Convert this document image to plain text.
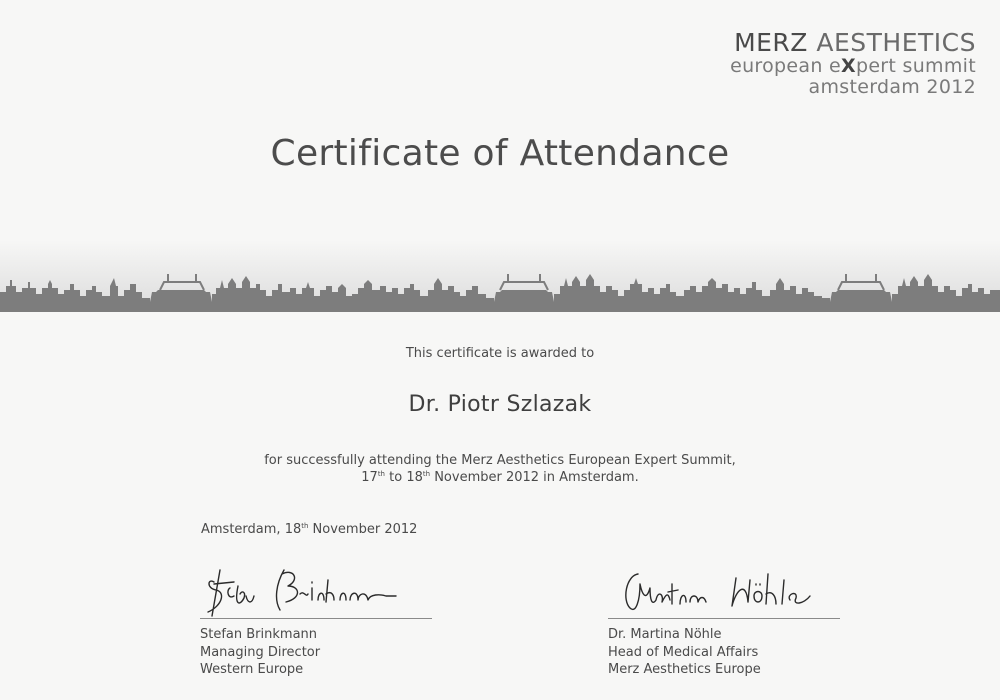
MERZ AESTHETICS
european eXpert summit
amsterdam 2012
Certificate of Attendance
This certificate is awarded to
Dr. Piotr Szlazak
for successfully attending the Merz Aesthetics European Expert Summit,
17th to 18th November 2012 in Amsterdam.
Amsterdam, 18th November 2012
Stefan Brinkmann
Managing Director
Western Europe
Dr. Martina Nöhle
Head of Medical Affairs
Merz Aesthetics Europe
